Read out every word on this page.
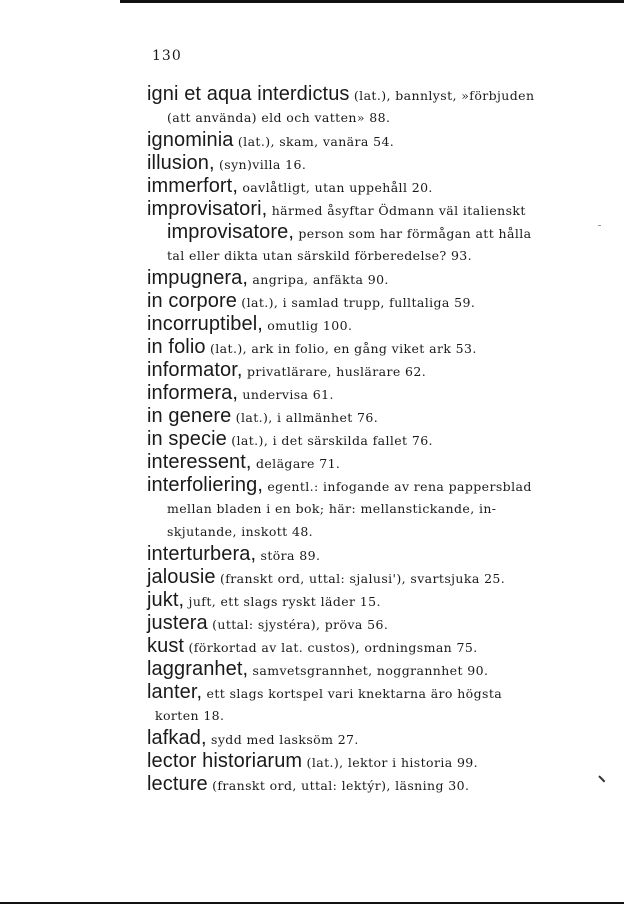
130
igni et aqua interdictus (lat.), bannlyst, »förbjuden
(att använda) eld och vatten» 88.
ignominia (lat.), skam, vanära 54.
illusion, (syn)villa 16.
immerfort, oavlåtligt, utan uppehåll 20.
improvisatori, härmed åsyftar Ödmann väl italienskt
improvisatore, person som har förmågan att hålla
tal eller dikta utan särskild förberedelse? 93.
impugnera, angripa, anfäkta 90.
in corpore (lat.), i samlad trupp, fulltaliga 59.
incorruptibel, omutlig 100.
in folio (lat.), ark in folio, en gång viket ark 53.
informator, privatlärare, huslärare 62.
informera, undervisa 61.
in genere (lat.), i allmänhet 76.
in specie (lat.), i det särskilda fallet 76.
interessent, delägare 71.
interfoliering, egentl.: infogande av rena pappersblad
mellan bladen i en bok; här: mellanstickande, in-
skjutande, inskott 48.
interturbera, störa 89.
jalousie (franskt ord, uttal: sjalusi'), svartsjuka 25.
jukt, juft, ett slags ryskt läder 15.
justera (uttal: sjystéra), pröva 56.
kust (förkortad av lat. custos), ordningsman 75.
laggranhet, samvetsgrannhet, noggrannhet 90.
lanter, ett slags kortspel vari knektarna äro högsta
korten 18.
lafkad, sydd med lasksöm 27.
lector historiarum (lat.), lektor i historia 99.
lecture (franskt ord, uttal: lektýr), läsning 30.
